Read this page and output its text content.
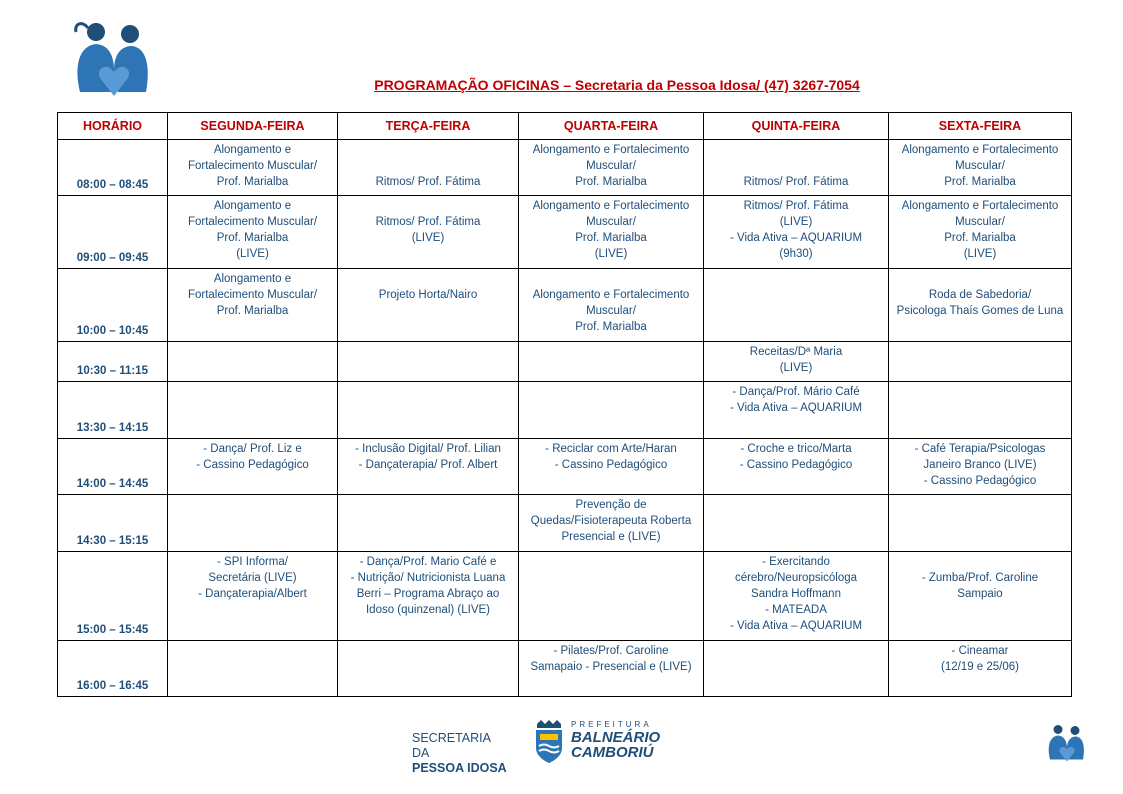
PROGRAMAÇÃO OFICINAS – Secretaria da Pessoa Idosa/ (47) 3267-7054
HORÁRIO	SEGUNDA-FEIRA	TERÇA-FEIRA	QUARTA-FEIRA	QUINTA-FEIRA	SEXTA-FEIRA
08:00 – 08:45	Alongamento e
Fortalecimento Muscular/
Prof. Marialba	Ritmos/ Prof. Fátima	Alongamento e Fortalecimento
Muscular/
Prof. Marialba	Ritmos/ Prof. Fátima	Alongamento e Fortalecimento
Muscular/
Prof. Marialba

09:00 – 09:45	Alongamento e
Fortalecimento Muscular/
Prof. Marialba
(LIVE)	Ritmos/ Prof. Fátima
(LIVE)	Alongamento e Fortalecimento
Muscular/
Prof. Marialba
(LIVE)	Ritmos/ Prof. Fátima
(LIVE)
- Vida Ativa – AQUARIUM
(9h30)	Alongamento e Fortalecimento
Muscular/
Prof. Marialba
(LIVE)

10:00 – 10:45	Alongamento e
Fortalecimento Muscular/
Prof. Marialba	Projeto Horta/Nairo	Alongamento e Fortalecimento
Muscular/
Prof. Marialba		Roda de Sabedoria/
Psicologa Thaís Gomes de Luna

10:30 – 11:15				Receitas/Dª Maria
(LIVE)	

13:30 – 14:15				- Dança/Prof. Mário Café
- Vida Ativa – AQUARIUM	

14:00 – 14:45	- Dança/ Prof. Liz e
- Cassino Pedagógico	- Inclusão Digital/ Prof. Lilian
- Dançaterapia/ Prof. Albert	- Reciclar com Arte/Haran
- Cassino Pedagógico	- Croche e trico/Marta
- Cassino Pedagógico	- Café Terapia/Psicologas
Janeiro Branco (LIVE)
- Cassino Pedagógico

14:30 – 15:15			Prevenção de
Quedas/Fisioterapeuta Roberta
Presencial e (LIVE)		

15:00 – 15:45	- SPI Informa/
Secretária (LIVE)
- Dançaterapia/Albert	- Dança/Prof. Mario Café e
- Nutrição/ Nutricionista Luana
Berri – Programa Abraço ao
Idoso (quinzenal) (LIVE)		- Exercitando
cérebro/Neuropsicóloga
Sandra Hoffmann
- MATEADA
- Vida Ativa – AQUARIUM	- Zumba/Prof. Caroline
Sampaio

16:00 – 16:45			- Pilates/Prof. Caroline
Samapaio - Presencial e (LIVE)		- Cineamar
(12/19 e 25/06)
SECRETARIA DA
PESSOA IDOSA
PREFEITURA
BALNEÁRIO
CAMBORIÚ
